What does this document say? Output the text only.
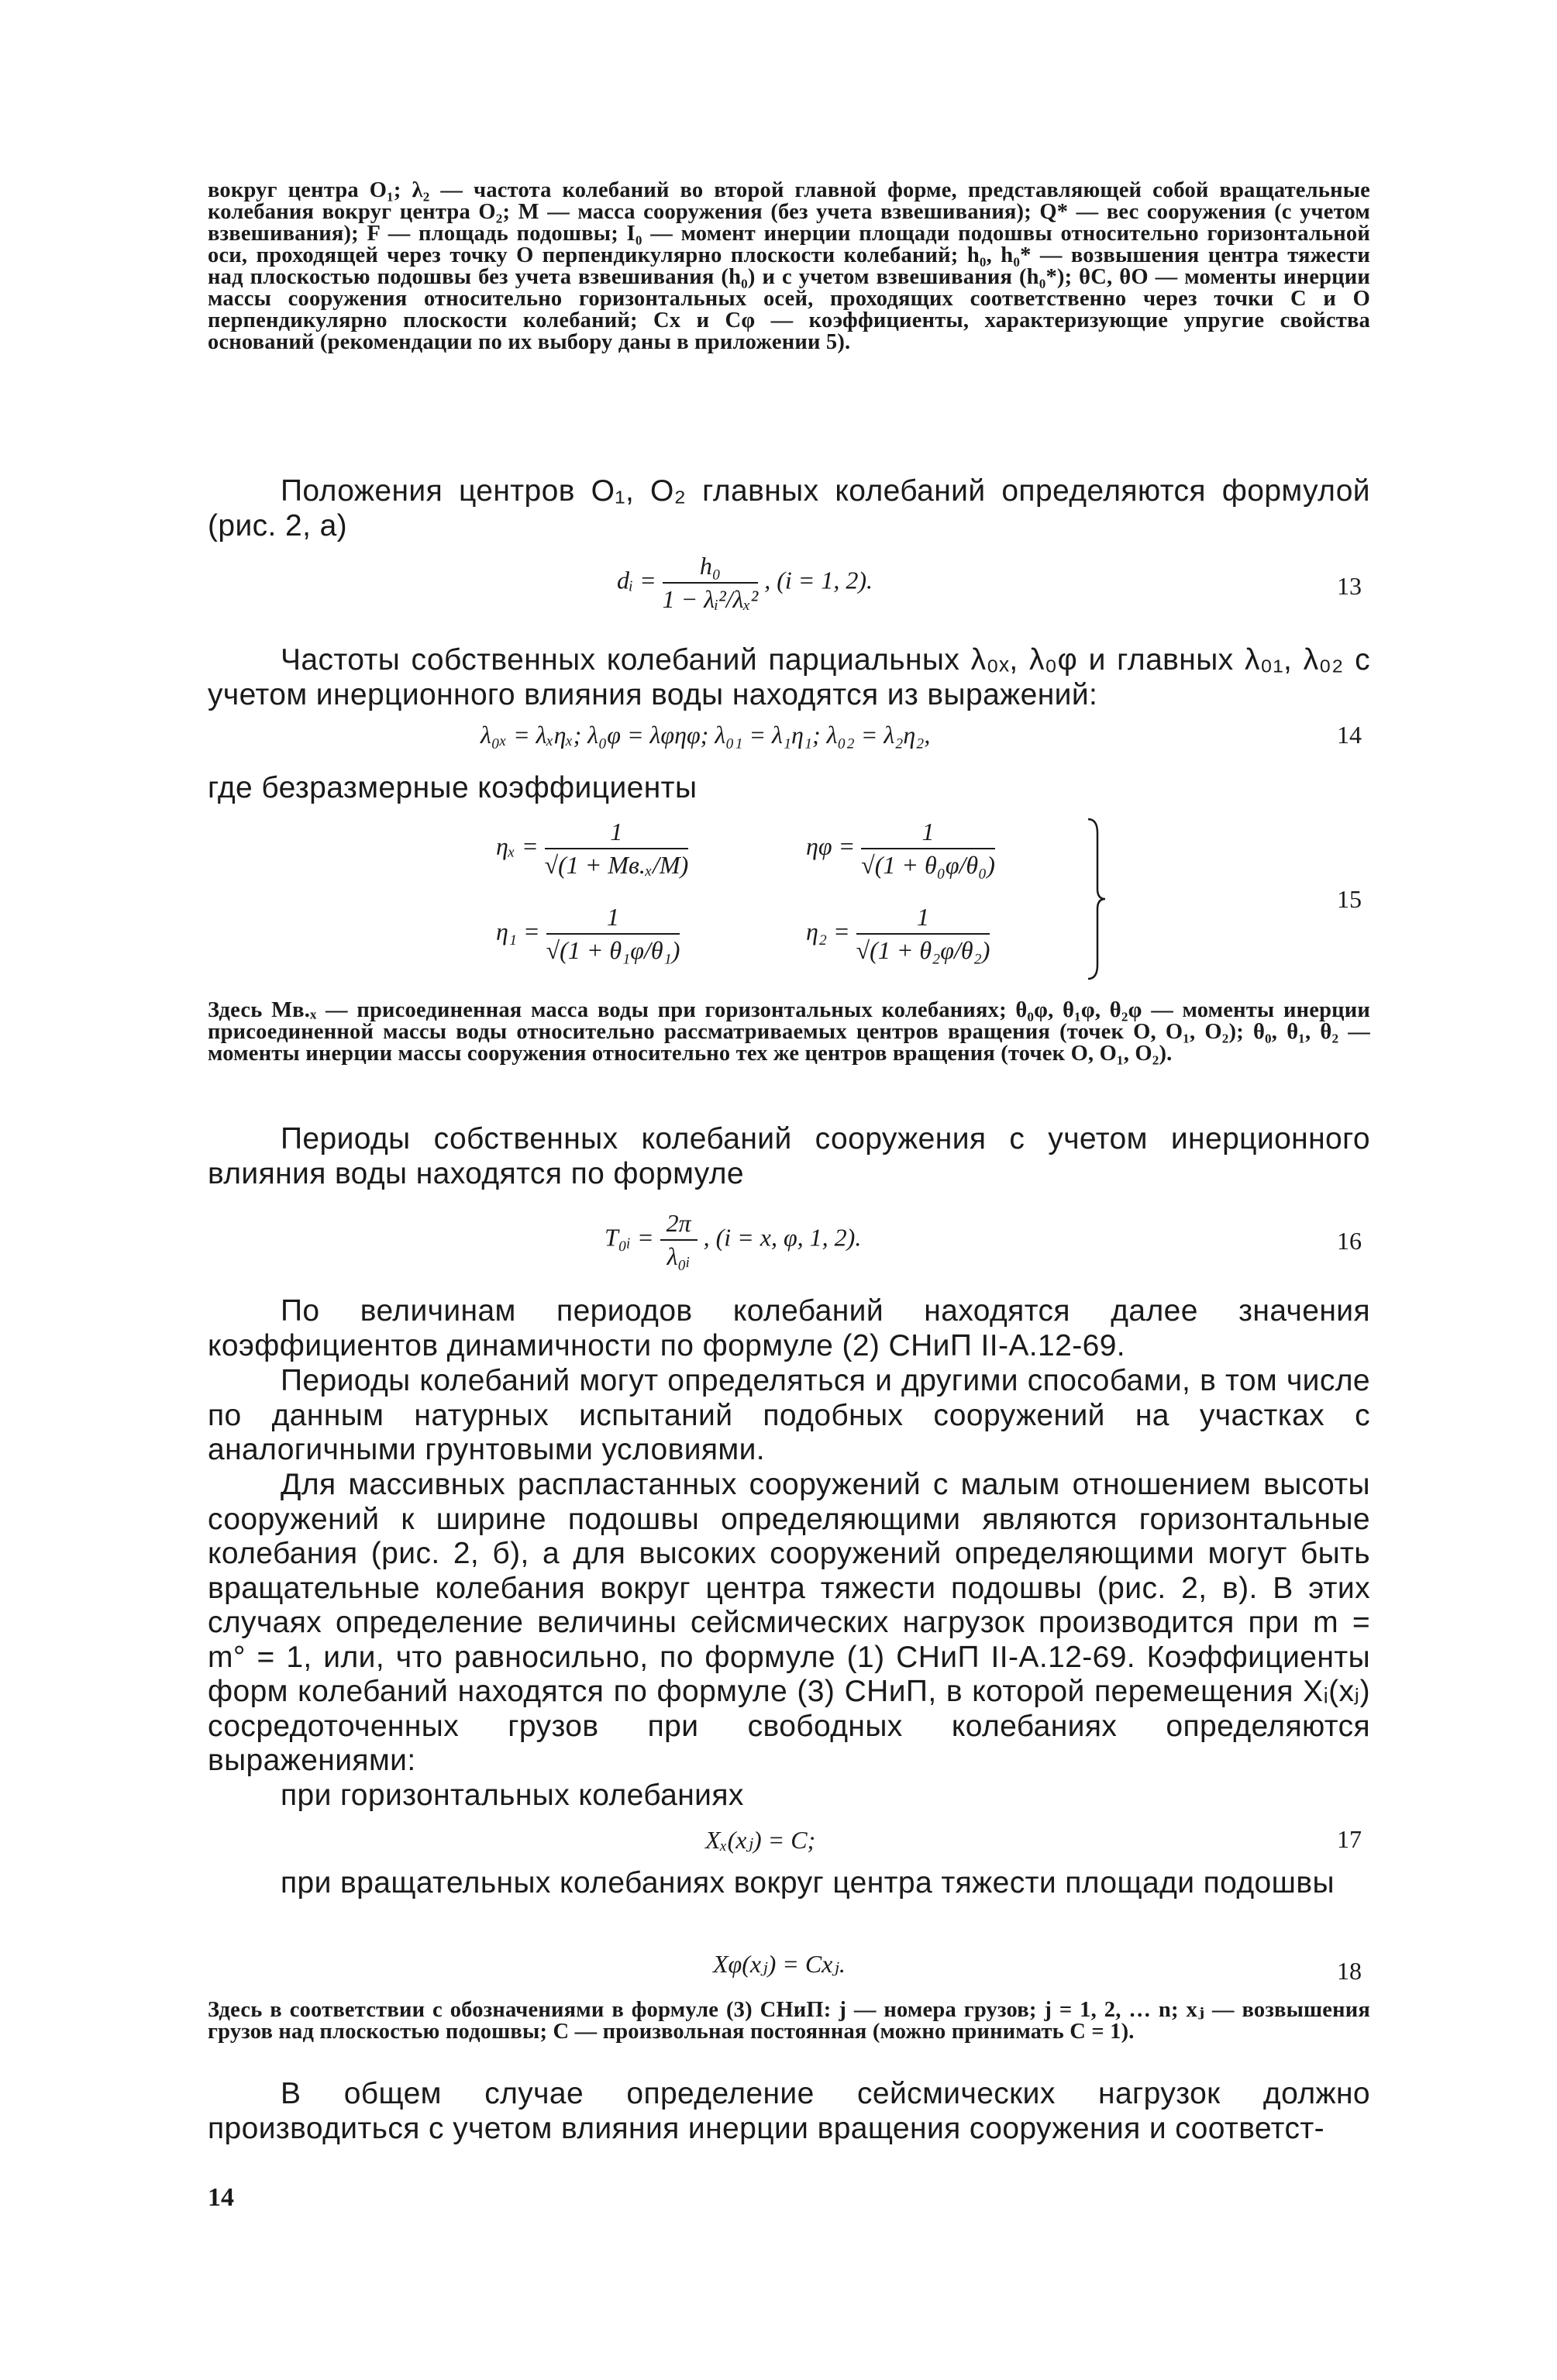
вокруг центра O₁; λ₂ — частота колебаний во второй главной форме, представляющей собой вращательные колебания вокруг центра O₂; M — масса сооружения (без учета взвешивания); Q* — вес сооружения (с учетом взвешивания); F — площадь подошвы; I₀ — момент инерции площади подошвы относительно горизонтальной оси, проходящей через точку O перпендикулярно плоскости колебаний; h₀, h₀* — возвышения центра тяжести над плоскостью подошвы без учета взвешивания (h₀) и с учетом взвешивания (h₀*); θC, θO — моменты инерции массы сооружения относительно горизонтальных осей, проходящих соответственно через точки C и O перпендикулярно плоскости колебаний; Cx и Cφ — коэффициенты, характеризующие упругие свойства оснований (рекомендации по их выбору даны в приложении 5).
Положения центров O₁, O₂ главных колебаний определяются формулой (рис. 2, а)
dᵢ = $\frac{\text{h₀}}{\text{1 − λᵢ²/λₓ²}}$ , (i = 1, 2).	13
Частоты собственных колебаний парциальных λ₀ₓ, λ₀φ и главных λ₀₁, λ₀₂ с учетом инерционного влияния воды находятся из выражений:
λ₀ₓ = λₓηₓ; λ₀φ = λφηφ; λ₀₁ = λ₁η₁; λ₀₂ = λ₂η₂,	14
где безразмерные коэффициенты
$\eta_x = \frac{1}{\text{√(1 + Mв.ₓ/M)}}$	$\eta\varphi = \frac{1}{\text{√(1 + θ₀φ/θ₀)}}$
$\eta_1 = \frac{1}{\text{√(1 + θ₁φ/θ₁)}}$	$\eta_2 = \frac{1}{\text{√(1 + θ₂φ/θ₂)}}$
15
Здесь Mв.ₓ — присоединенная масса воды при горизонтальных колебаниях; θ₀φ, θ₁φ, θ₂φ — моменты инерции присоединенной массы воды относительно рассматриваемых центров вращения (точек O, O₁, O₂); θ₀, θ₁, θ₂ — моменты инерции массы сооружения относительно тех же центров вращения (точек O, O₁, O₂).
Периоды собственных колебаний сооружения с учетом инерционного влияния воды находятся по формуле
T₀ᵢ = $\frac{2\pi}{\text{λ₀ᵢ}}$ , (i = x, φ, 1, 2).	16
По величинам периодов колебаний находятся далее значения коэффициентов динамичности по формуле (2) СНиП II-А.12-69.
Периоды колебаний могут определяться и другими способами, в том числе по данным натурных испытаний подобных сооружений на участках с аналогичными грунтовыми условиями.
Для массивных распластанных сооружений с малым отношением высоты сооружений к ширине подошвы определяющими являются горизонтальные колебания (рис. 2, б), а для высоких сооружений определяющими могут быть вращательные колебания вокруг центра тяжести подошвы (рис. 2, в). В этих случаях определение величины сейсмических нагрузок производится при m = m° = 1, или, что равносильно, по формуле (1) СНиП II-А.12-69. Коэффициенты форм колебаний находятся по формуле (3) СНиП, в которой перемещения Xᵢ(xⱼ) сосредоточенных грузов при свободных колебаниях определяются выражениями:
при горизонтальных колебаниях
Xₓ(xⱼ) = C;	17
при вращательных колебаниях вокруг центра тяжести площади подошвы
Xφ(xⱼ) = Cxⱼ.	18
Здесь в соответствии с обозначениями в формуле (3) СНиП: j — номера грузов; j = 1, 2, … n; xⱼ — возвышения грузов над плоскостью подошвы; C — произвольная постоянная (можно принимать C = 1).
В общем случае определение сейсмических нагрузок должно производиться с учетом влияния инерции вращения сооружения и соответст-
14
